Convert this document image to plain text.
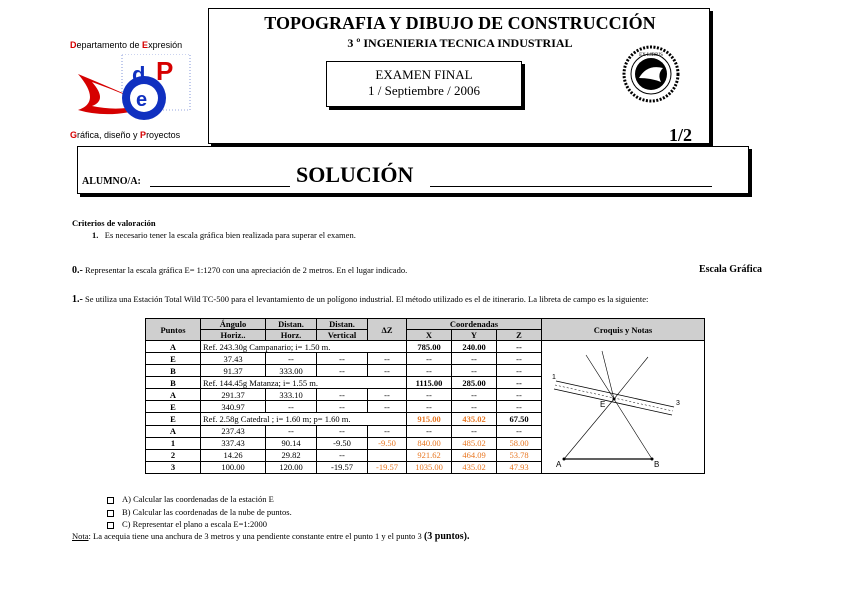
Departamento de Expresión
d P
e
Gráfica, diseño y Proyectos
TOPOGRAFIA Y DIBUJO DE CONSTRUCCIÓN
3 º INGENIERIA TECNICA INDUSTRIAL
EXAMEN FINAL
1 / Septiembre / 2006
EX LIBRIS
1/2
ALUMNO/A:	SOLUCIÓN
Criterios de valoración
1. Es necesario tener la escala gráfica bien realizada para superar el examen.
0.- Representar la escala gráfica E= 1:1270 con una apreciación de 2 metros. En el lugar indicado.	Escala Gráfica
1.- Se utiliza una Estación Total Wild TC-500 para el levantamiento de un polígono industrial. El método utilizado es el de itinerario. La libreta de campo es la siguiente:
Puntos	Ángulo	Distan.	Distan.	ΔZ	Coordenadas			Croquis y Notas
	Horiz..	Horz.	Vertical		X	Y	Z	
A	Ref. 243.30g Campanario; i= 1.50 m.				785.00	240.00	--	A B
E
1
3

E	37.43	--	--	--	--	--	--	
B	91.37	333.00	--	--	--	--	--	
B	Ref. 144.45g Matanza; i= 1.55 m.				1115.00	285.00	--	
A	291.37	333.10	--	--	--	--	--	
E	340.97	--	--	--	--	--	--	
E	Ref. 2.58g Catedral ; i= 1.60 m; p= 1.60 m.				915.00	435.02	67.50	
A	237.43	--	--	--	--	--	--	
1	337.43	90.14	-9.50	-9.50	840.00	485.02	58.00	
2	14.26	29.82	--		921.62	464.09	53.78	
3	100.00	120.00	-19.57	-19.57	1035.00	435.02	47.93	
A) Calcular las coordenadas de la estación E
B) Calcular las coordenadas de la nube de puntos.
C) Representar el plano a escala E=1:2000
Nota: La acequia tiene una anchura de 3 metros y una pendiente constante entre el punto 1 y el punto 3 (3 puntos).
